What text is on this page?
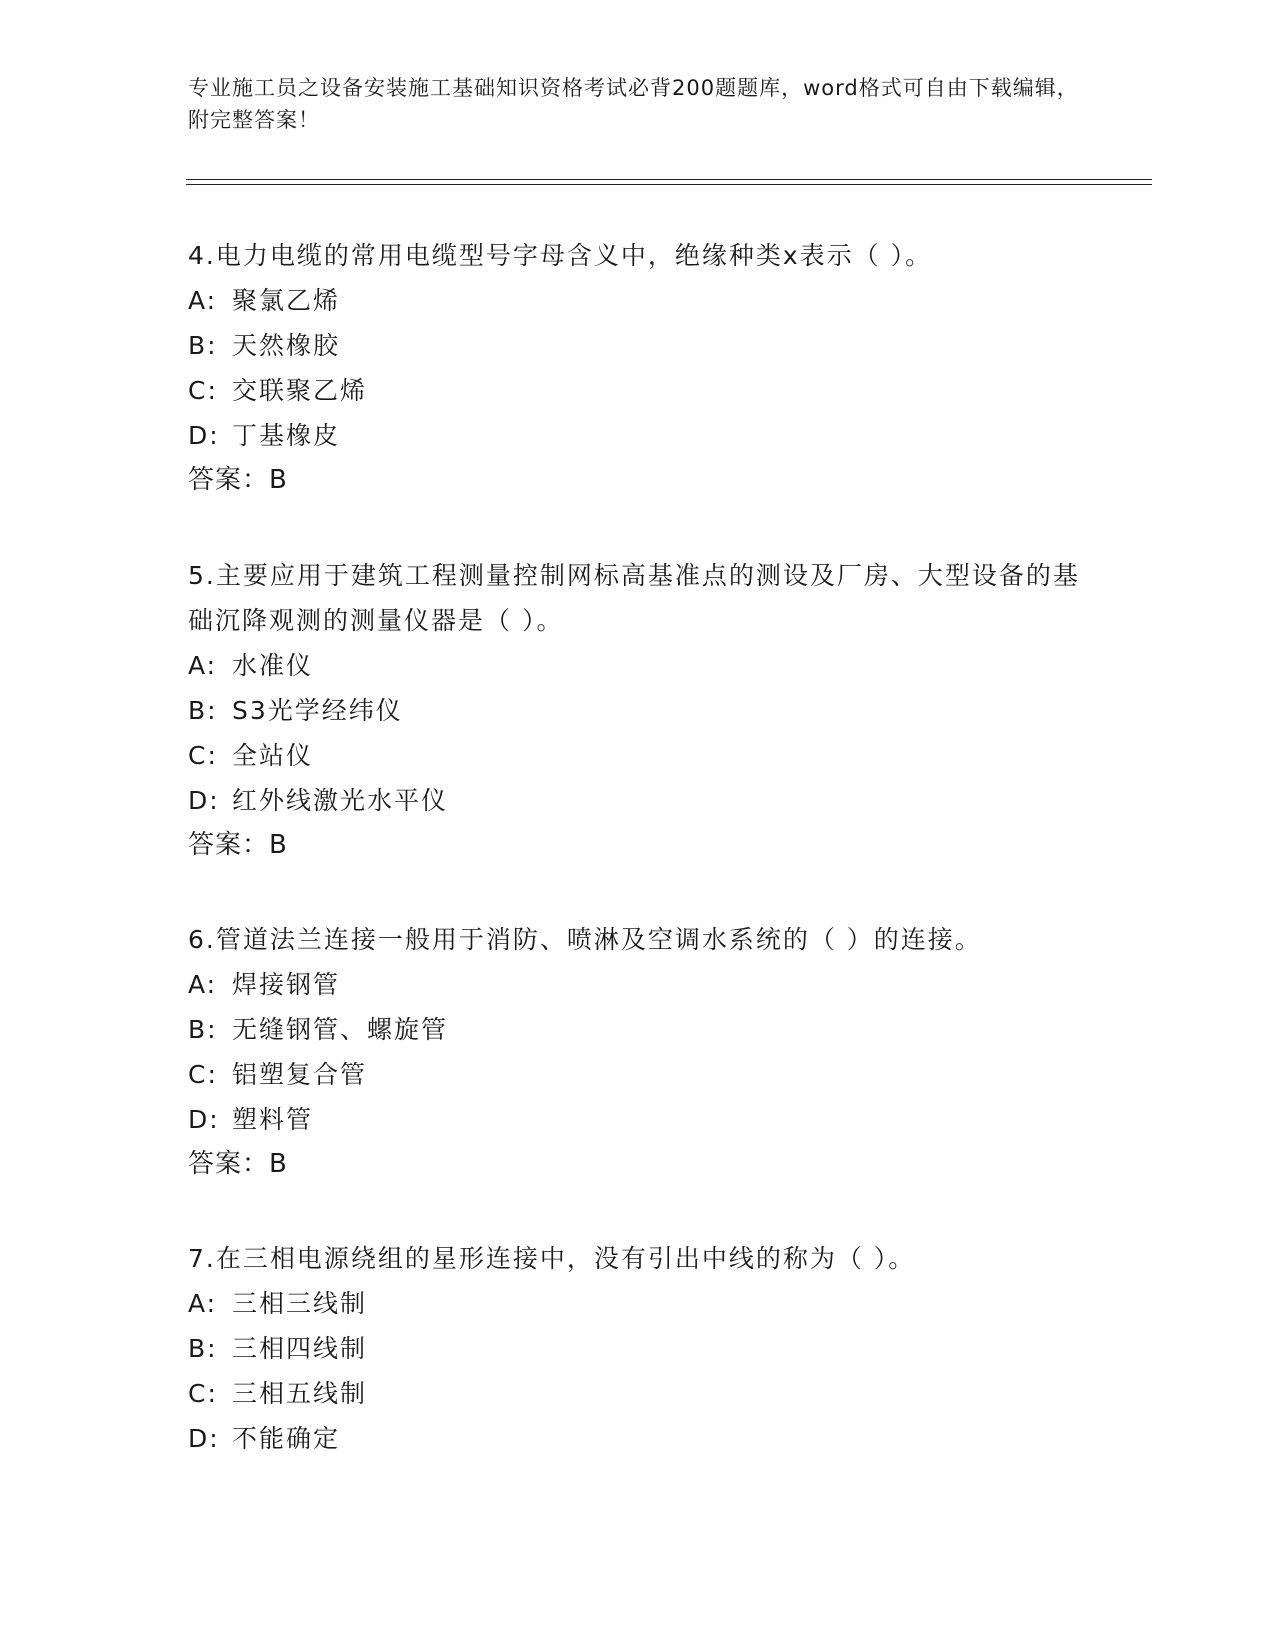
专业施工员之设备安装施工基础知识资格考试必背200题题库，word格式可自由下载编辑，附完整答案！

4.电力电缆的常用电缆型号字母含义中，绝缘种类x表示（ ）。

A: 聚氯乙烯

B: 天然橡胶

C: 交联聚乙烯

D: 丁基橡皮

答案：B

5.主要应用于建筑工程测量控制网标高基准点的测设及厂房、大型设备的基础沉降观测的测量仪器是（ ）。

A: 水准仪

B: S3光学经纬仪

C: 全站仪

D: 红外线激光水平仪

答案：B

6.管道法兰连接一般用于消防、喷淋及空调水系统的（ ）的连接。

A: 焊接钢管

B: 无缝钢管、螺旋管

C: 铝塑复合管

D: 塑料管

答案：B

7.在三相电源绕组的星形连接中，没有引出中线的称为（ ）。

A: 三相三线制

B: 三相四线制

C: 三相五线制

D: 不能确定
